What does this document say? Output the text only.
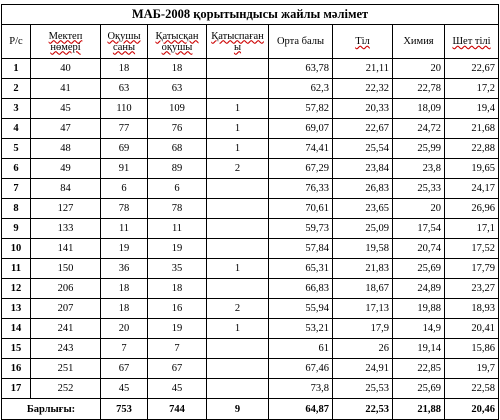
МАБ-2008 қорытындысы жайлы мәлімет								
Р/с	Мектеп нөмері	Оқушы саны	Қатысқан оқушы	Қатыспаған ы	Орта балы	Тіл	Химия	Шет тілі
1	40	18	18		63,78	21,11	20	22,67
2	41	63	63		62,3	22,32	22,78	17,2
3	45	110	109	1	57,82	20,33	18,09	19,4
4	47	77	76	1	69,07	22,67	24,72	21,68
5	48	69	68	1	74,41	25,54	25,99	22,88
6	49	91	89	2	67,29	23,84	23,8	19,65
7	84	6	6		76,33	26,83	25,33	24,17
8	127	78	78		70,61	23,65	20	26,96
9	133	11	11		59,73	25,09	17,54	17,1
10	141	19	19		57,84	19,58	20,74	17,52
11	150	36	35	1	65,31	21,83	25,69	17,79
12	206	18	18		66,83	18,67	24,89	23,27
13	207	18	16	2	55,94	17,13	19,88	18,93
14	241	20	19	1	53,21	17,9	14,9	20,41
15	243	7	7		61	26	19,14	15,86
16	251	67	67		67,46	24,91	22,85	19,7
17	252	45	45		73,8	25,53	25,69	22,58
Барлығы:		753	744	9	64,87	22,53	21,88	20,46
